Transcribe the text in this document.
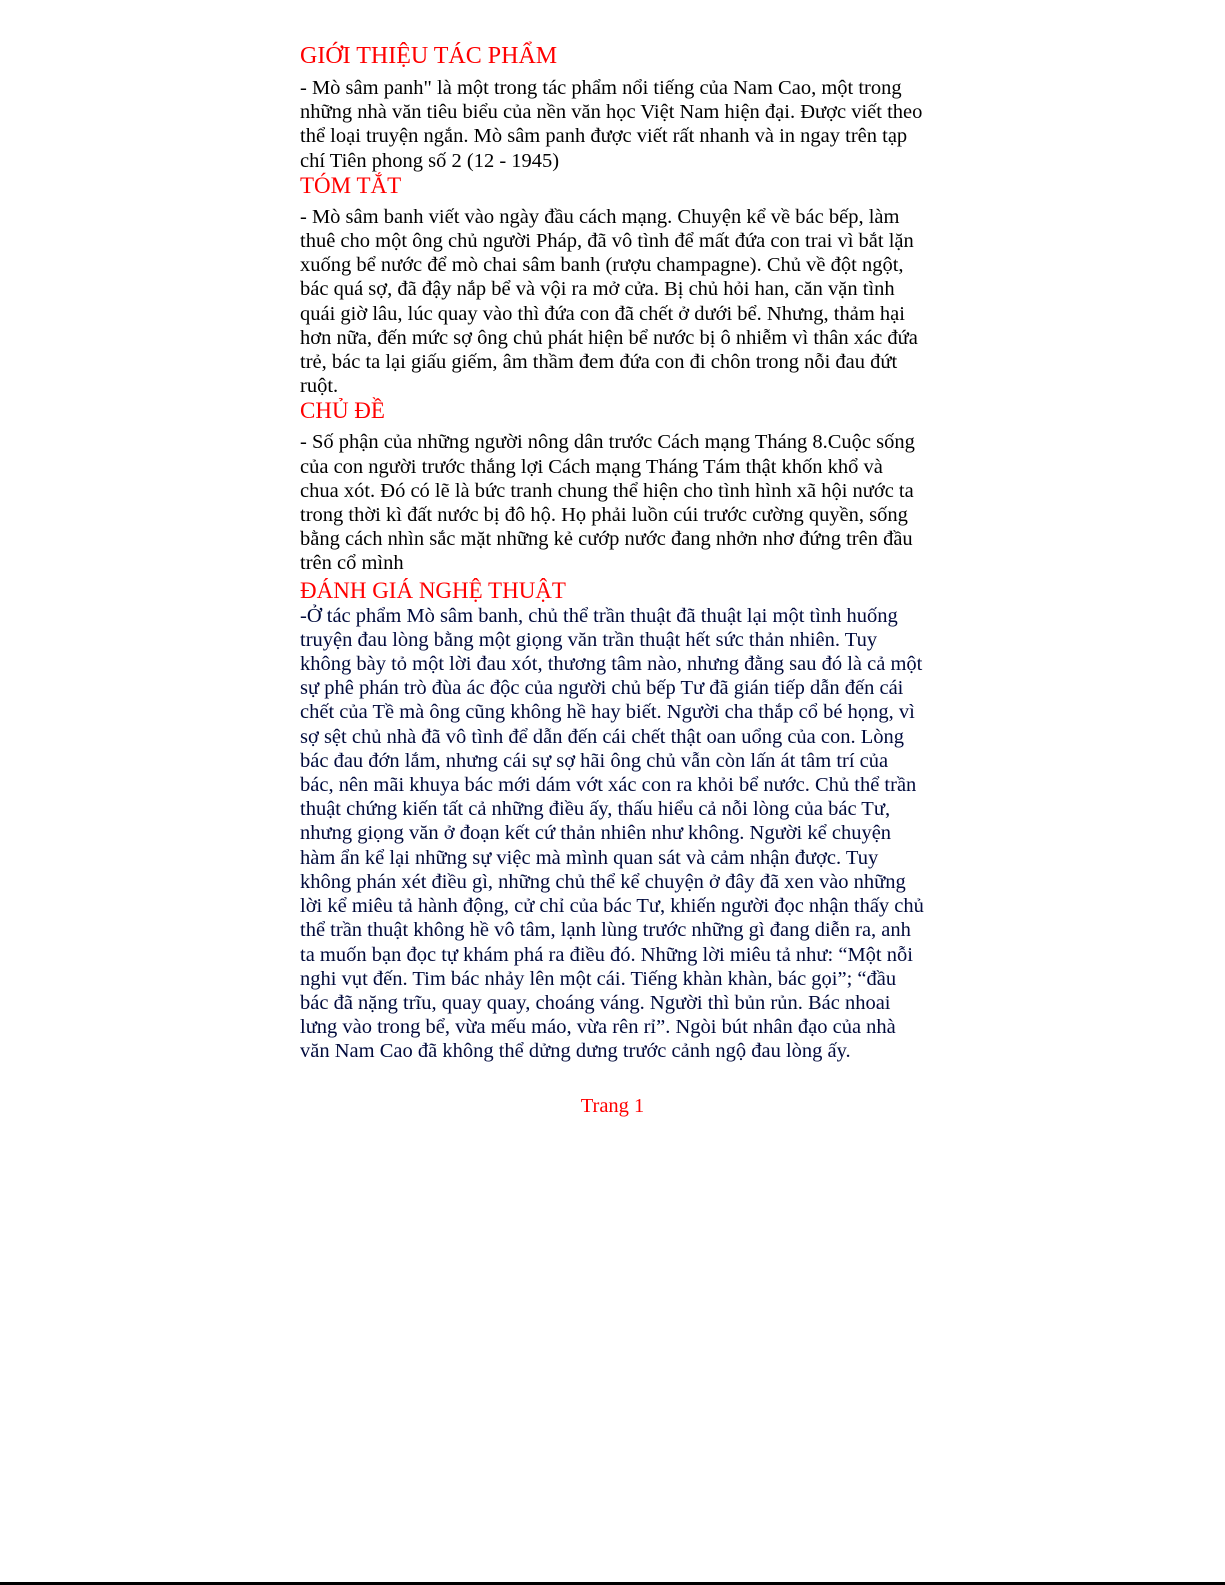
GIỚI THIỆU TÁC PHẨM

- Mò sâm panh" là một trong tác phẩm nổi tiếng của Nam Cao, một trong những nhà văn tiêu biểu của nền văn học Việt Nam hiện đại. Được viết theo thể loại truyện ngắn. Mò sâm panh được viết rất nhanh và in ngay trên tạp chí Tiên phong số 2 (12 - 1945)

TÓM TẮT

- Mò sâm banh viết vào ngày đầu cách mạng. Chuyện kể về bác bếp, làm thuê cho một ông chủ người Pháp, đã vô tình để mất đứa con trai vì bắt lặn xuống bể nước để mò chai sâm banh (rượu champagne). Chủ về đột ngột, bác quá sợ, đã đậy nắp bể và vội ra mở cửa. Bị chủ hỏi han, căn vặn tình quái giờ lâu, lúc quay vào thì đứa con đã chết ở dưới bể. Nhưng, thảm hại hơn nữa, đến mức sợ ông chủ phát hiện bể nước bị ô nhiễm vì thân xác đứa trẻ, bác ta lại giấu giếm, âm thầm đem đứa con đi chôn trong nỗi đau đứt ruột.

CHỦ ĐỀ

- Số phận của những người nông dân trước Cách mạng Tháng 8.Cuộc sống của con người trước thắng lợi Cách mạng Tháng Tám thật khốn khổ và chua xót. Đó có lẽ là bức tranh chung thể hiện cho tình hình xã hội nước ta trong thời kì đất nước bị đô hộ. Họ phải luồn cúi trước cường quyền, sống bằng cách nhìn sắc mặt những kẻ cướp nước đang nhởn nhơ đứng trên đầu trên cổ mình

ĐÁNH GIÁ NGHỆ THUẬT

-Ở tác phẩm Mò sâm banh, chủ thể trần thuật đã thuật lại một tình huống truyện đau lòng bằng một giọng văn trần thuật hết sức thản nhiên. Tuy không bày tỏ một lời đau xót, thương tâm nào, nhưng đằng sau đó là cả một sự phê phán trò đùa ác độc của người chủ bếp Tư đã gián tiếp dẫn đến cái chết của Tề mà ông cũng không hề hay biết. Người cha thắp cổ bé họng, vì sợ sệt chủ nhà đã vô tình để dẫn đến cái chết thật oan uổng của con. Lòng bác đau đớn lắm, nhưng cái sự sợ hãi ông chủ vẫn còn lấn át tâm trí của bác, nên mãi khuya bác mới dám vớt xác con ra khỏi bể nước. Chủ thể trần thuật chứng kiến tất cả những điều ấy, thấu hiểu cả nỗi lòng của bác Tư, nhưng giọng văn ở đoạn kết cứ thản nhiên như không. Người kể chuyện hàm ẩn kể lại những sự việc mà mình quan sát và cảm nhận được. Tuy không phán xét điều gì, những chủ thể kể chuyện ở đây đã xen vào những lời kể miêu tả hành động, cử chỉ của bác Tư, khiến người đọc nhận thấy chủ thể trần thuật không hề vô tâm, lạnh lùng trước những gì đang diễn ra, anh ta muốn bạn đọc tự khám phá ra điều đó. Những lời miêu tả như: “Một nỗi nghi vụt đến. Tim bác nhảy lên một cái. Tiếng khàn khàn, bác gọi”; “đầu bác đã nặng trĩu, quay quay, choáng váng. Người thì bủn rủn. Bác nhoai lưng vào trong bể, vừa mếu máo, vừa rên rỉ”. Ngòi bút nhân đạo của nhà văn Nam Cao đã không thể dửng dưng trước cảnh ngộ đau lòng ấy.

Trang 1
